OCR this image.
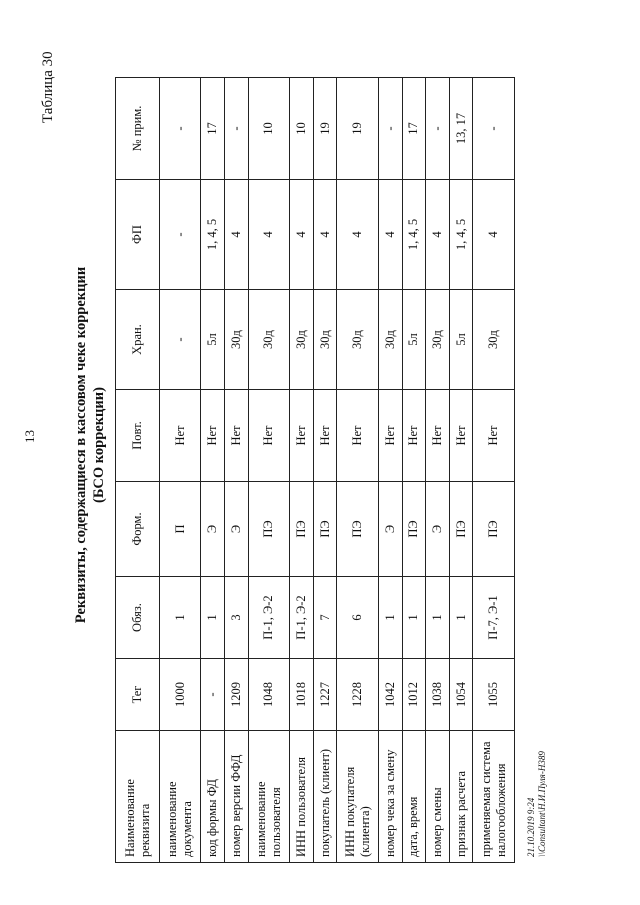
13
Таблица 30
Реквизиты, содержащиеся в кассовом чеке коррекции (БСО коррекции)
Наименование реквизита	Тег	Обяз.	Форм.	Повт.	Хран.	ФП	№ прим.
наименование документа	1000	1	П	Нет	-	-	-
код формы ФД	-	1	Э	Нет	5л	1, 4, 5	17
номер версии ФФД	1209	3	Э	Нет	30д	4	-
наименование пользователя	1048	П-1, Э-2	ПЭ	Нет	30д	4	10
ИНН пользователя	1018	П-1, Э-2	ПЭ	Нет	30д	4	10
покупатель (клиент)	1227	7	ПЭ	Нет	30д	4	19
ИНН покупателя (клиента)	1228	6	ПЭ	Нет	30д	4	19
номер чека за смену	1042	1	Э	Нет	30д	4	-
дата, время	1012	1	ПЭ	Нет	5л	1, 4, 5	17
номер смены	1038	1	Э	Нет	30д	4	-
признак расчета	1054	1	ПЭ	Нет	5л	1, 4, 5	13, 17
применяемая система налогообложения	1055	П-7, Э-1	ПЭ	Нет	30д	4	-
21.10.2019 9:24 \\Consultant\Н.И.Пуля-Н389
